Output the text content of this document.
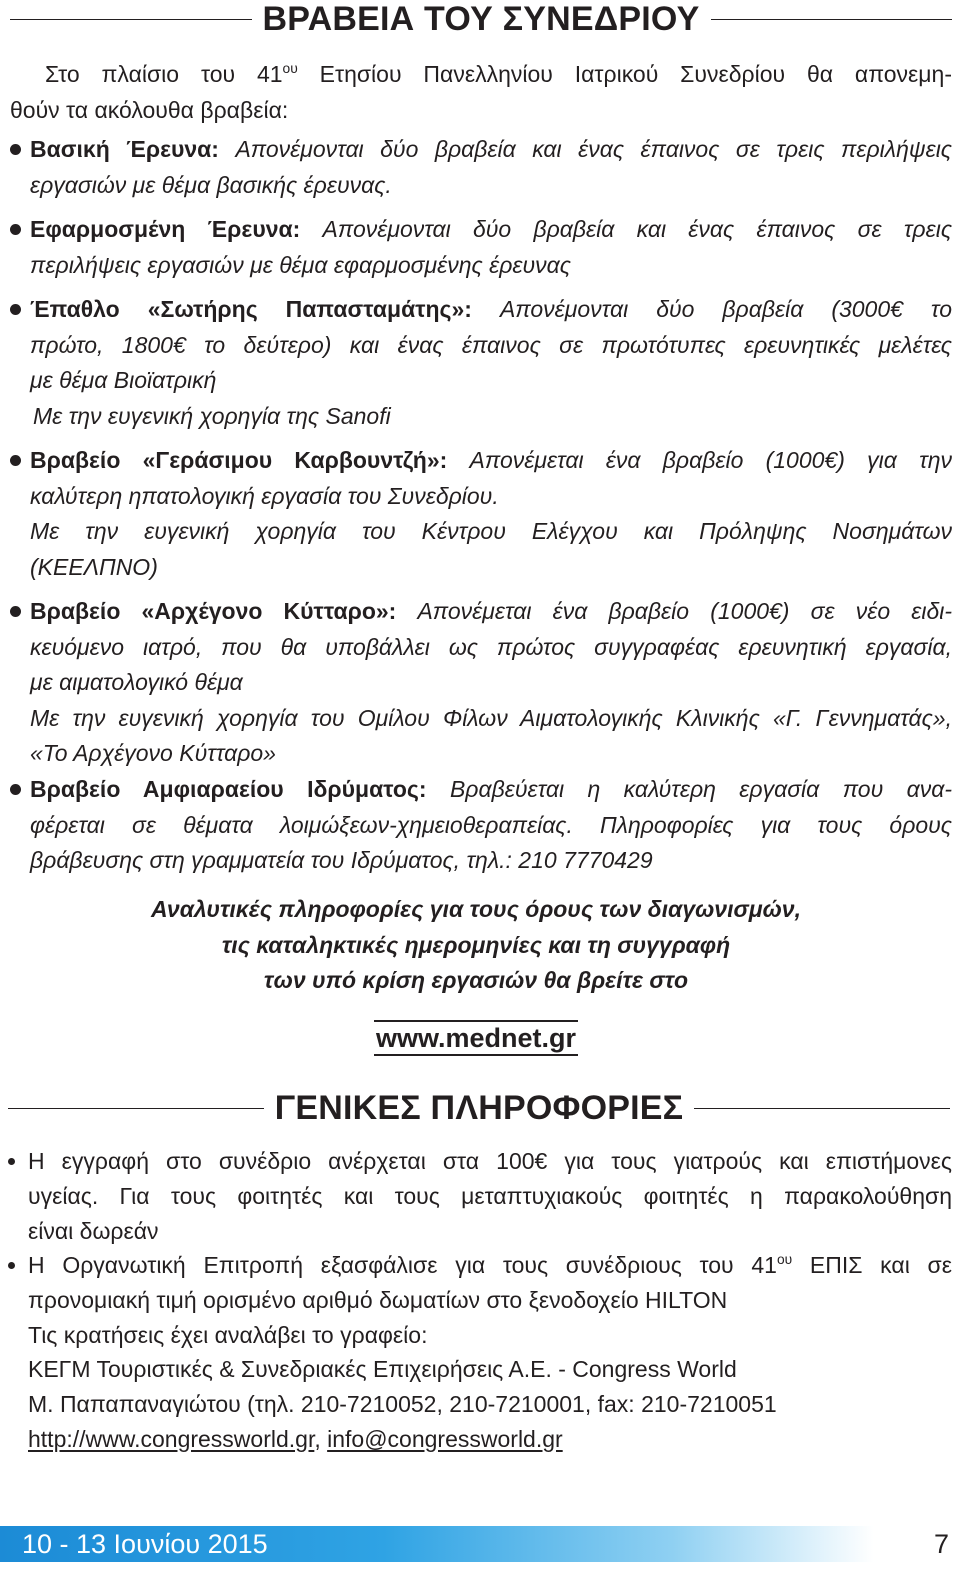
ΒΡΑΒΕΙΑ ΤΟΥ ΣΥΝΕΔΡΙΟΥ
Στο πλαίσιο του $41^{o\upsilon}$ Ετησίου Πανελληνίου Ιατρικού Συνεδρίου θα απονεμη-
θούν τα ακόλουθα βραβεία:
Βασική Έρευνα: Απονέμονται δύο βραβεία και ένας έπαινος σε τρεις περιλήψεις
εργασιών με θέμα βασικής έρευνας.
Εφαρμοσμένη Έρευνα: Απονέμονται δύο βραβεία και ένας έπαινος σε τρεις
περιλήψεις εργασιών με θέμα εφαρμοσμένης έρευνας
Έπαθλο «Σωτήρης Παπασταμάτης»: Απονέμονται δύο βραβεία (3000€ το
πρώτο, 1800€ το δεύτερο) και ένας έπαινος σε πρωτότυπες ερευνητικές μελέτες
με θέμα Βιοϊατρική
Με την ευγενική χορηγία της Sanofi
Βραβείο «Γεράσιμου Καρβουντζή»: Απονέμεται ένα βραβείο (1000€) για την
καλύτερη ηπατολογική εργασία του Συνεδρίου.
Με την ευγενική χορηγία του Κέντρου Ελέγχου και Πρόληψης Νοσημάτων
(ΚΕΕΛΠΝΟ)
Βραβείο «Αρχέγονο Κύτταρο»: Απονέμεται ένα βραβείο (1000€) σε νέο ειδι-
κευόμενο ιατρό, που θα υποβάλλει ως πρώτος συγγραφέας ερευνητική εργασία,
με αιματολογικό θέμα
Με την ευγενική χορηγία του Ομίλου Φίλων Αιματολογικής Κλινικής «Γ. Γεννηματάς»,
«Το Αρχέγονο Κύτταρο»
Βραβείο Αμφιαραείου Ιδρύματος: Βραβεύεται η καλύτερη εργασία που ανα-
φέρεται σε θέματα λοιμώξεων-χημειοθεραπείας. Πληροφορίες για τους όρους
βράβευσης στη γραμματεία του Ιδρύματος, τηλ.: 210 7770429
Αναλυτικές πληροφορίες για τους όρους των διαγωνισμών,
τις καταληκτικές ημερομηνίες και τη συγγραφή
των υπό κρίση εργασιών θα βρείτε στο
www.mednet.gr
ΓΕΝΙΚΕΣ ΠΛΗΡΟΦΟΡΙΕΣ
Η εγγραφή στο συνέδριο ανέρχεται στα 100€ για τους γιατρούς και επιστήμονες
υγείας. Για τους φοιτητές και τους μεταπτυχιακούς φοιτητές η παρακολούθηση
είναι δωρεάν
Η Οργανωτική Επιτροπή εξασφάλισε για τους συνέδριους του $41^{o\upsilon}$ ΕΠΙΣ και σε
προνομιακή τιμή ορισμένο αριθμό δωματίων στο ξενοδοχείο HILTON
Τις κρατήσεις έχει αναλάβει το γραφείο:
ΚΕΓΜ Τουριστικές & Συνεδριακές Επιχειρήσεις Α.Ε. - Congress World
Μ. Παπαπαναγιώτου (τηλ. 210-7210052, 210-7210001, fax: 210-7210051
http://www.congressworld.gr, info@congressworld.gr
10 - 13 Ιουνίου 2015	7
